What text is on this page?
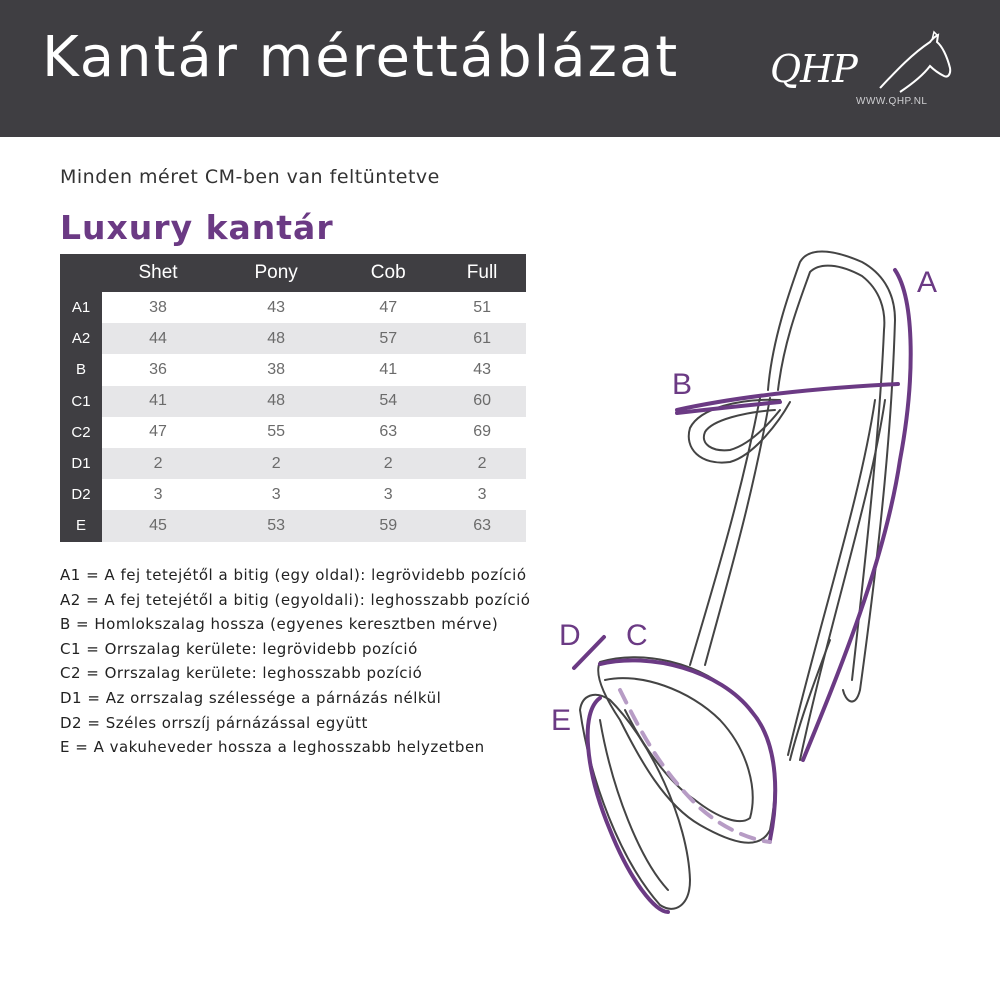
Kantár mérettáblázat QHP
WWW.QHP.NL
Minden méret CM-ben van feltüntetve
Luxury kantár
	Shet	Pony	Cob	Full
A1	38	43	47	51
A2	44	48	57	61
B	36	38	41	43
C1	41	48	54	60
C2	47	55	63	69
D1	2	2	2	2
D2	3	3	3	3
E	45	53	59	63
A1 = A fej tetejétől a bitig (egy oldal): legrövidebb pozíció
A2 = A fej tetejétől a bitig (egyoldali): leghosszabb pozíció
B = Homlokszalag hossza (egyenes keresztben mérve)
C1 = Orrszalag kerülete: legrövidebb pozíció
C2 = Orrszalag kerülete: leghosszabb pozíció
D1 = Az orrszalag szélessége a párnázás nélkül
D2 = Széles orrszíj párnázással együtt
E = A vakuheveder hossza a leghosszabb helyzetben
A
B
C
D
E
